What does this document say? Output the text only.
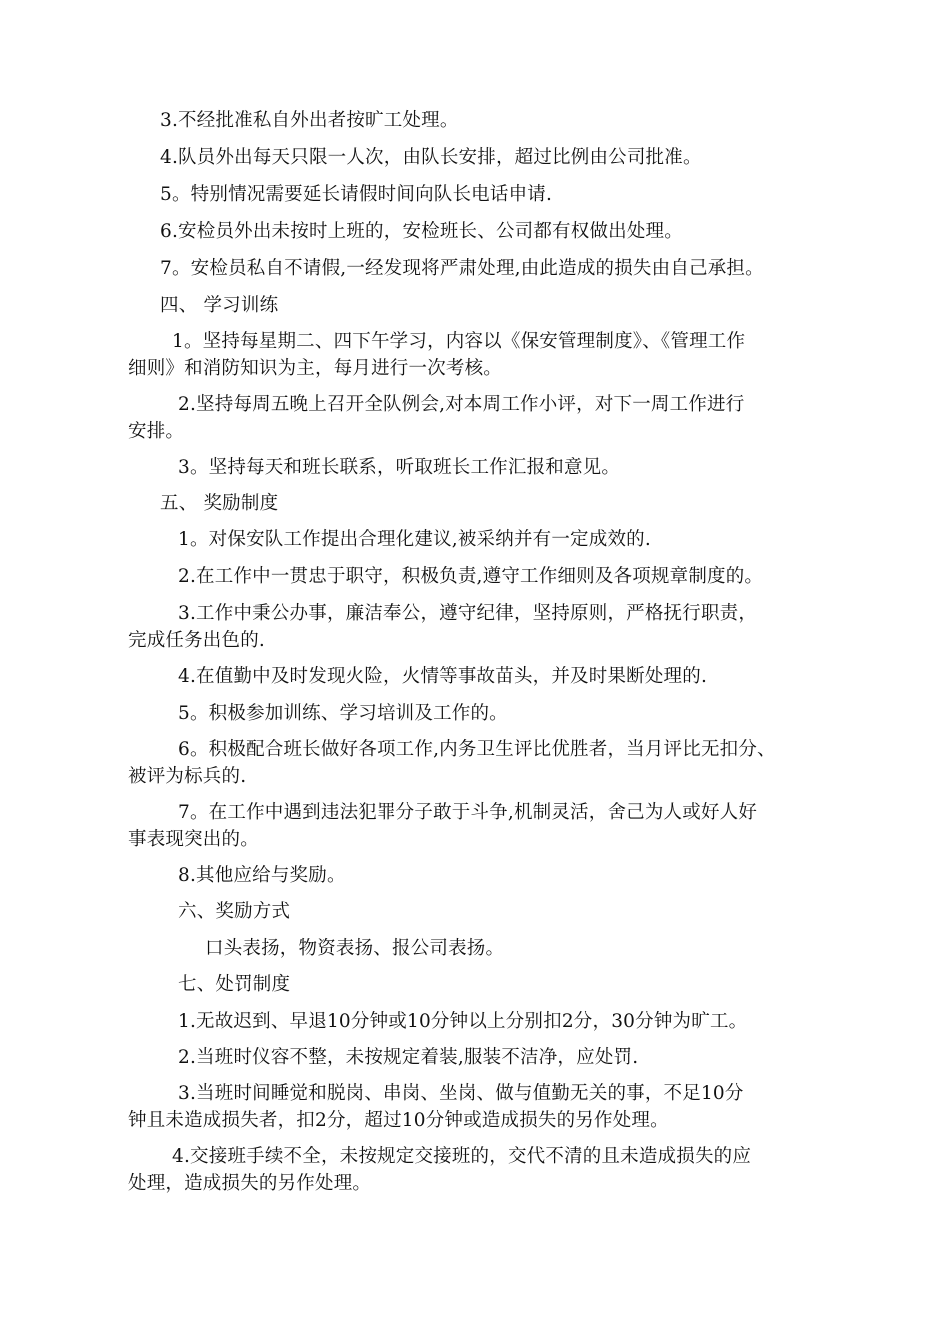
3.不经批准私自外出者按旷工处理。

4.队员外出每天只限一人次，由队长安排，超过比例由公司批准。

5。特别情况需要延长请假时间向队长电话申请.

6.安检员外出未按时上班的，安检班长、公司都有权做出处理。

7。安检员私自不请假,一经发现将严肃处理,由此造成的损失由自己承担。

四、 学习训练

1。坚持每星期二、四下午学习，内容以《保安管理制度》、《管理工作

细则》和消防知识为主，每月进行一次考核。

2.坚持每周五晚上召开全队例会,对本周工作小评，对下一周工作进行

安排。

3。坚持每天和班长联系，听取班长工作汇报和意见。

五、 奖励制度

1。对保安队工作提出合理化建议,被采纳并有一定成效的.

2.在工作中一贯忠于职守，积极负责,遵守工作细则及各项规章制度的。

3.工作中秉公办事，廉洁奉公，遵守纪律，坚持原则，严格抚行职责，

完成任务出色的.

4.在值勤中及时发现火险，火情等事故苗头，并及时果断处理的.

5。积极参加训练、学习培训及工作的。

6。积极配合班长做好各项工作,内务卫生评比优胜者，当月评比无扣分、

被评为标兵的.

7。在工作中遇到违法犯罪分子敢于斗争,机制灵活，舍己为人或好人好

事表现突出的。

8.其他应给与奖励。

六、奖励方式

口头表扬，物资表扬、报公司表扬。

七、处罚制度

1.无故迟到、早退10分钟或10分钟以上分别扣2分，30分钟为旷工。

2.当班时仪容不整，未按规定着装,服装不洁净，应处罚.

3.当班时间睡觉和脱岗、串岗、坐岗、做与值勤无关的事，不足10分

钟且未造成损失者，扣2分，超过10分钟或造成损失的另作处理。

4.交接班手续不全，未按规定交接班的，交代不清的且未造成损失的应

处理，造成损失的另作处理。
